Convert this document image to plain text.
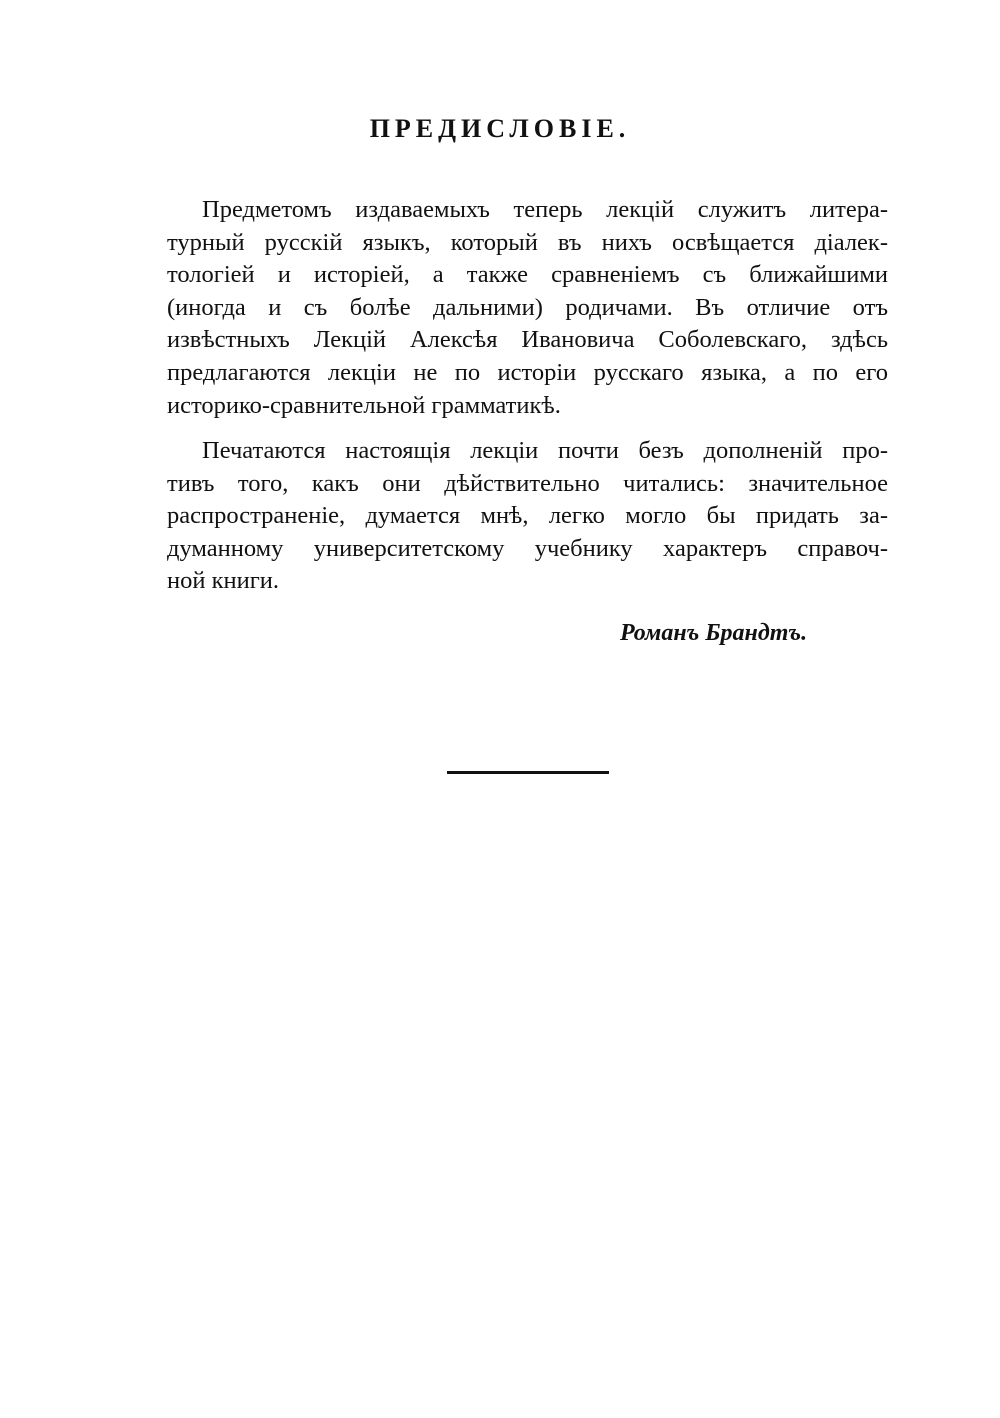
ПРЕДИСЛОВІЕ.
Предметомъ издаваемыхъ теперь лекцій служитъ литера-
турный русскій языкъ, который въ нихъ освѣщается діалек-
тологіей и исторіей, а также сравненіемъ съ ближайшими
(иногда и съ болѣе дальними) родичами. Въ отличие отъ
извѣстныхъ Лекцій Алексѣя Ивановича Соболевскаго, здѣсь
предлагаются лекціи не по исторіи русскаго языка, а по его
историко-сравнительной грамматикѣ.
Печатаются настоящія лекціи почти безъ дополненій про-
тивъ того, какъ они дѣйствительно читались: значительное
распространеніе, думается мнѣ, легко могло бы придать за-
думанному университетскому учебнику характеръ справоч-
ной книги.

Романъ Брандтъ.
